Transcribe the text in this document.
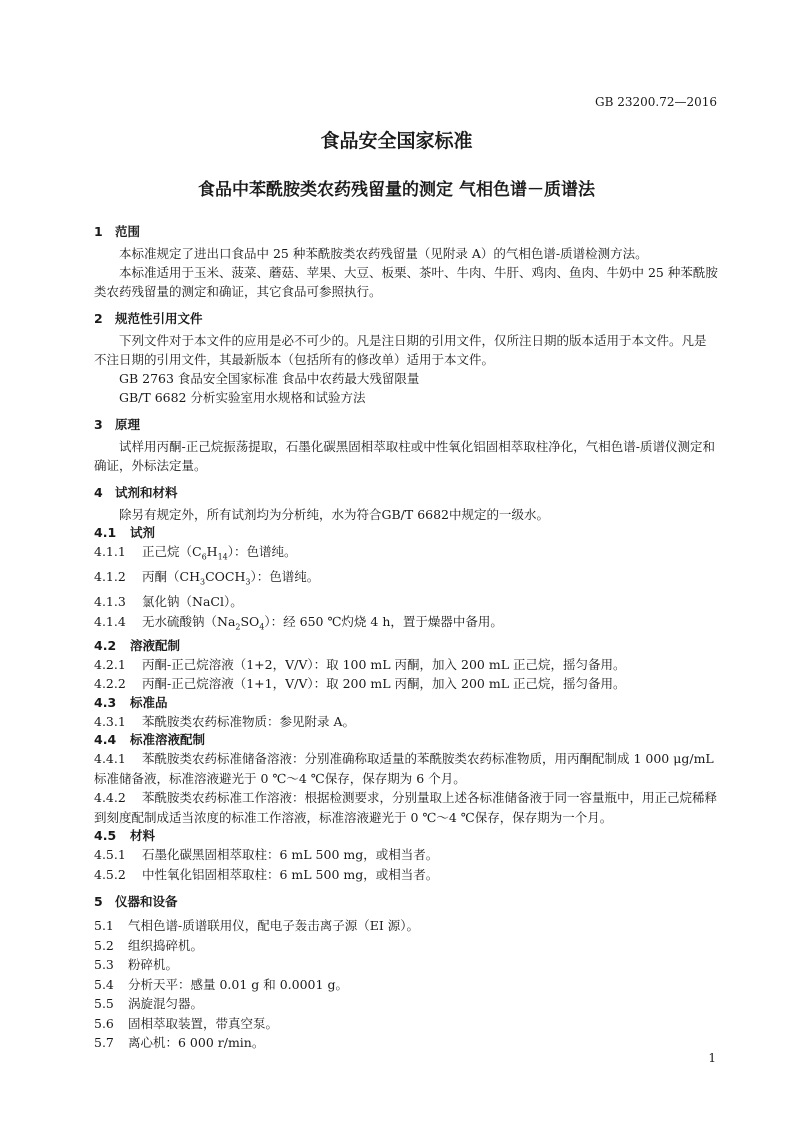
GB 23200.72—2016
食品安全国家标准
食品中苯酰胺类农药残留量的测定 气相色谱－质谱法
1 范围

本标准规定了进出口食品中 25 种苯酰胺类农药残留量（见附录 A）的气相色谱-质谱检测方法。

本标准适用于玉米、菠菜、蘑菇、苹果、大豆、板栗、茶叶、牛肉、牛肝、鸡肉、鱼肉、牛奶中 25 种苯酰胺类农药残留量的测定和确证，其它食品可参照执行。

2 规范性引用文件

下列文件对于本文件的应用是必不可少的。凡是注日期的引用文件，仅所注日期的版本适用于本文件。凡是不注日期的引用文件，其最新版本（包括所有的修改单）适用于本文件。

GB 2763 食品安全国家标准 食品中农药最大残留限量

GB/T 6682 分析实验室用水规格和试验方法

3 原理

试样用丙酮-正己烷振荡提取，石墨化碳黑固相萃取柱或中性氧化铝固相萃取柱净化，气相色谱-质谱仪测定和确证，外标法定量。

4 试剂和材料

除另有规定外，所有试剂均为分析纯，水为符合GB/T 6682中规定的一级水。

4.1 试剂

4.1.1 正己烷$(C_6H_{14})$：色谱纯。

4.1.2 丙酮$(CH_3COCH_3)$：色谱纯。

4.1.3 氯化钠（NaCl）。

4.1.4 无水硫酸钠$(Na_2SO_4)$：经 650 ℃灼烧 4 h，置于燥器中备用。

4.2 溶液配制

4.2.1 丙酮-正己烷溶液（1+2，V/V）：取 100 mL 丙酮，加入 200 mL 正己烷，摇匀备用。

4.2.2 丙酮-正己烷溶液（1+1，V/V）：取 200 mL 丙酮，加入 200 mL 正己烷，摇匀备用。

4.3 标准品

4.3.1 苯酰胺类农药标准物质：参见附录 A。

4.4 标准溶液配制

4.4.1 苯酰胺类农药标准储备溶液：分别准确称取适量的苯酰胺类农药标准物质，用丙酮配制成 1 000 μg/mL 标准储备液，标准溶液避光于 0 ℃～4 ℃保存，保存期为 6 个月。

4.4.2 苯酰胺类农药标准工作溶液：根据检测要求，分别量取上述各标准储备液于同一容量瓶中，用正己烷稀释到刻度配制成适当浓度的标准工作溶液，标准溶液避光于 0 ℃～4 ℃保存，保存期为一个月。

4.5 材料

4.5.1 石墨化碳黑固相萃取柱：6 mL 500 mg，或相当者。

4.5.2 中性氧化铝固相萃取柱：6 mL 500 mg，或相当者。

5 仪器和设备

5.1 气相色谱-质谱联用仪，配电子轰击离子源（EI 源）。

5.2 组织捣碎机。

5.3 粉碎机。

5.4 分析天平：感量 0.01 g 和 0.0001 g。

5.5 涡旋混匀器。

5.6 固相萃取装置，带真空泵。

5.7 离心机：6 000 r/min。

1
